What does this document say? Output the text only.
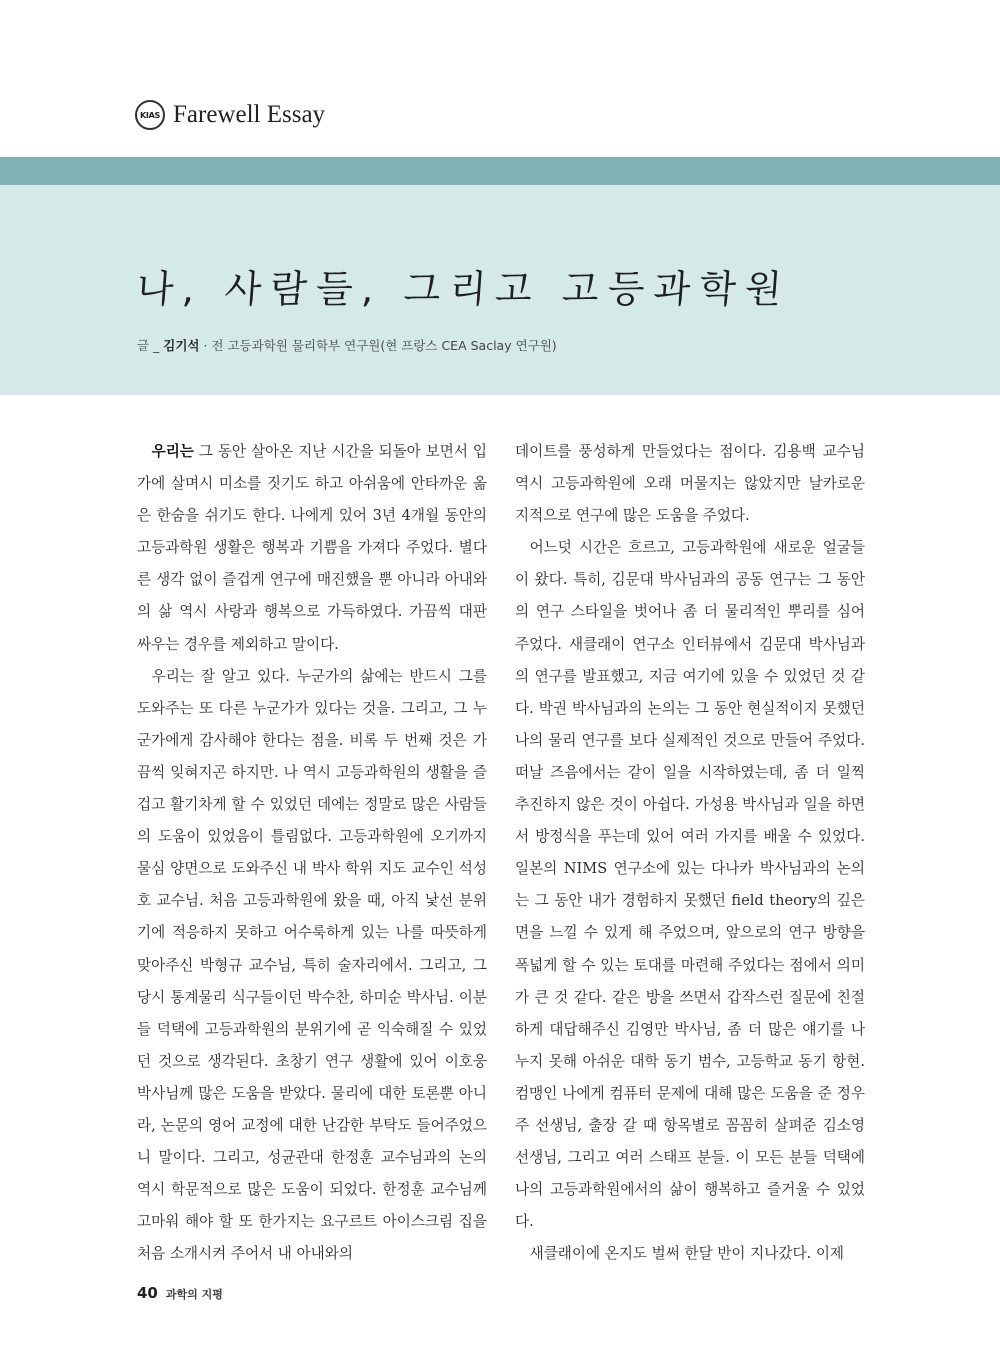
KIAS Farewell Essay
나, 사람들, 그리고 고등과학원
글 _ 김기석 · 전 고등과학원 물리학부 연구원(현 프랑스 CEA Saclay 연구원)

우리는 그 동안 살아온 지난 시간을 되돌아 보면서 입가에 살며시 미소를 짓기도 하고 아쉬움에 안타까운 옮은 한숨을 쉬기도 한다. 나에게 있어 3년 4개월 동안의 고등과학원 생활은 행복과 기쁨을 가져다 주었다. 별다른 생각 없이 즐겁게 연구에 매진했을 뿐 아니라 아내와의 삶 역시 사랑과 행복으로 가득하였다. 가끔씩 대판 싸우는 경우를 제외하고 말이다.

우리는 잘 알고 있다. 누군가의 삶에는 반드시 그를 도와주는 또 다른 누군가가 있다는 것을. 그리고, 그 누군가에게 감사해야 한다는 점을. 비록 두 번째 것은 가끔씩 잊혀지곤 하지만. 나 역시 고등과학원의 생활을 즐겁고 활기차게 할 수 있었던 데에는 정말로 많은 사람들의 도움이 있었음이 틀림없다. 고등과학원에 오기까지 물심 양면으로 도와주신 내 박사 학위 지도 교수인 석성호 교수님. 처음 고등과학원에 왔을 때, 아직 낯선 분위기에 적응하지 못하고 어수룩하게 있는 나를 따뜻하게 맞아주신 박형규 교수님, 특히 술자리에서. 그리고, 그 당시 통계물리 식구들이던 박수찬, 하미순 박사님. 이분들 덕택에 고등과학원의 분위기에 곧 익숙해질 수 있었던 것으로 생각된다. 초창기 연구 생활에 있어 이호웅 박사님께 많은 도움을 받았다. 물리에 대한 토론뿐 아니라, 논문의 영어 교정에 대한 난감한 부탁도 들어주었으니 말이다. 그리고, 성균관대 한정훈 교수님과의 논의 역시 학문적으로 많은 도움이 되었다. 한정훈 교수님께 고마워 해야 할 또 한가지는 요구르트 아이스크림 집을 처음 소개시켜 주어서 내 아내와의

데이트를 풍성하게 만들었다는 점이다. 김용백 교수님 역시 고등과학원에 오래 머물지는 않았지만 날카로운 지적으로 연구에 많은 도움을 주었다.

어느덧 시간은 흐르고, 고등과학원에 새로운 얼굴들이 왔다. 특히, 김문대 박사님과의 공동 연구는 그 동안의 연구 스타일을 벗어나 좀 더 물리적인 뿌리를 심어 주었다. 새클래이 연구소 인터뷰에서 김문대 박사님과의 연구를 발표했고, 지금 여기에 있을 수 있었던 것 같다. 박권 박사님과의 논의는 그 동안 현실적이지 못했던 나의 물리 연구를 보다 실제적인 것으로 만들어 주었다. 떠날 즈음에서는 같이 일을 시작하였는데, 좀 더 일찍 추진하지 않은 것이 아쉽다. 가성용 박사님과 일을 하면서 방정식을 푸는데 있어 여러 가지를 배울 수 있었다. 일본의 NIMS 연구소에 있는 다나카 박사님과의 논의는 그 동안 내가 경험하지 못했던 field theory의 깊은 면을 느낄 수 있게 해 주었으며, 앞으로의 연구 방향을 폭넓게 할 수 있는 토대를 마련해 주었다는 점에서 의미가 큰 것 같다. 같은 방을 쓰면서 갑작스런 질문에 친절하게 대답해주신 김영만 박사님, 좀 더 많은 얘기를 나누지 못해 아쉬운 대학 동기 범수, 고등학교 동기 항현. 컴맹인 나에게 컴퓨터 문제에 대해 많은 도움을 준 정우주 선생님, 출장 갈 때 항목별로 꼼꼼히 살펴준 김소영 선생님, 그리고 여러 스태프 분들. 이 모든 분들 덕택에 나의 고등과학원에서의 삶이 행복하고 즐거울 수 있었다.

새클래이에 온지도 벌써 한달 반이 지나갔다. 이제

40 과학의 지평
